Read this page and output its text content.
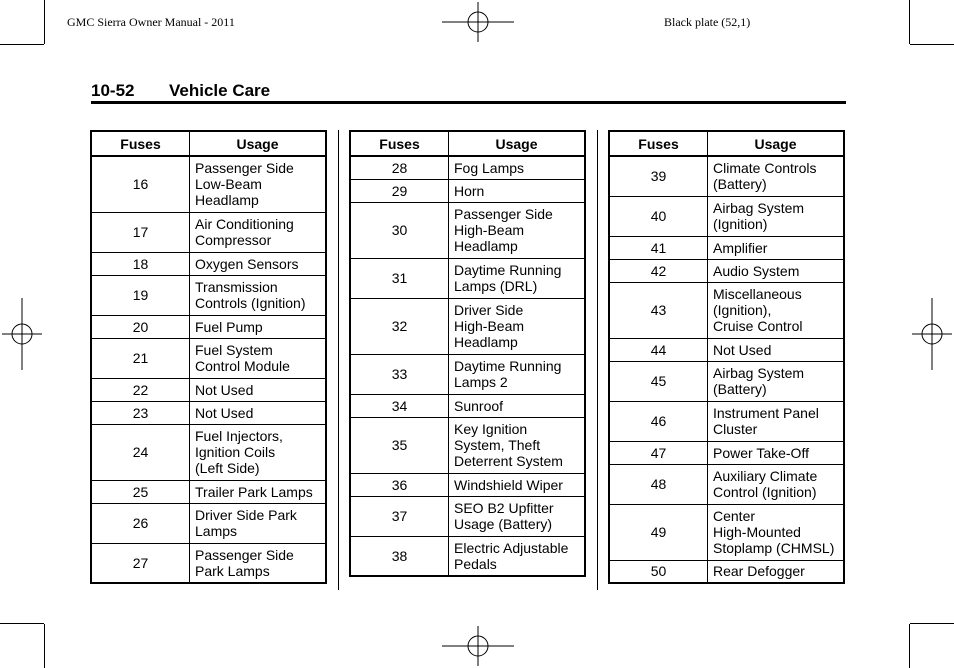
GMC Sierra Owner Manual - 2011	Black plate (52,1)
10-52 Vehicle Care
Fuses	Usage
16	Passenger Side
Low-Beam
Headlamp
17	Air Conditioning
Compressor
18	Oxygen Sensors
19	Transmission
Controls (Ignition)
20	Fuel Pump
21	Fuel System
Control Module
22	Not Used
23	Not Used
24	Fuel Injectors,
Ignition Coils
(Left Side)
25	Trailer Park Lamps
26	Driver Side Park
Lamps
27	Passenger Side
Park Lamps
Fuses	Usage
28	Fog Lamps
29	Horn
30	Passenger Side
High-Beam
Headlamp
31	Daytime Running
Lamps (DRL)
32	Driver Side
High-Beam
Headlamp
33	Daytime Running
Lamps 2
34	Sunroof
35	Key Ignition
System, Theft
Deterrent System
36	Windshield Wiper
37	SEO B2 Upfitter
Usage (Battery)
38	Electric Adjustable
Pedals
Fuses	Usage
39	Climate Controls
(Battery)
40	Airbag System
(Ignition)
41	Amplifier
42	Audio System
43	Miscellaneous
(Ignition),
Cruise Control
44	Not Used
45	Airbag System
(Battery)
46	Instrument Panel
Cluster
47	Power Take-Off
48	Auxiliary Climate
Control (Ignition)
49	Center
High-Mounted
Stoplamp (CHMSL)
50	Rear Defogger
